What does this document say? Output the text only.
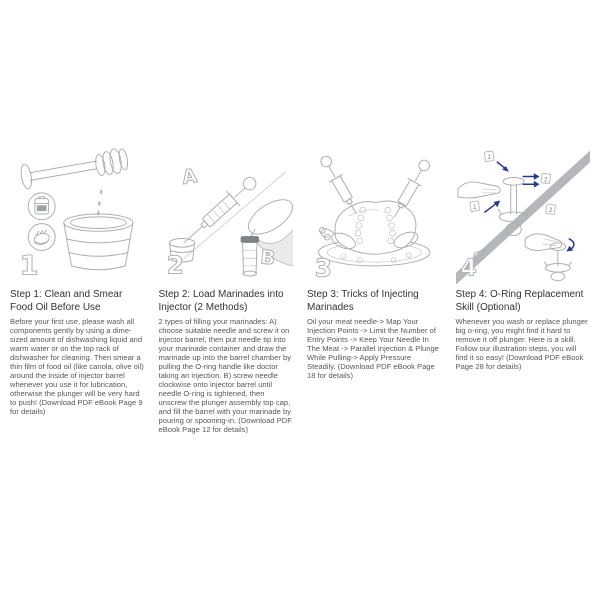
1
Step 1: Clean and Smear Food Oil Before Use

Before your first use, please wash all components gently by using a dime-sized amount of dishwashing liquid and warm water or on the top rack of dishwasher for cleaning. Then smear a thin film of food oil (like canola, olive oil) around the inside of injector barrel whenever you use it for lubrication, otherwise the plunger will be very hard to push! (Download PDF eBook Page 9 for details)

A
B
2
Step 2: Load Marinades into Injector (2 Methods)

2 types of filling your marinades: A) choose suitable needle and screw it on injector barrel, then put needle tip into your marinade container and draw the marinade up into the barrel chamber by pulling the O-ring handle like doctor taking an injection. B) screw needle clockwise onto injector barrel until needle O-ring is tightened, then unscrew the plunger assembly top cap, and fill the barrel with your marinade by pouring or spooning-in. (Download PDF eBook Page 12 for details)

3
Step 3: Tricks of Injecting Marinades

Oil your meat needle-> Map Your Injection Points -> Limit the Number of Entry Points -> Keep Your Needle In The Meat -> Parallel Injection & Plunge While Pulling-> Apply Pressure Steadily. (Download PDF eBook Page 18 for details)

1
2
1	2
4
Step 4: O-Ring Replacement Skill (Optional)

Whenever you wash or replace plunger big o-ring, you might find it hard to remove it off plunger. Here is a skill. Follow our illustration steps, you will find it so easy! (Download PDF eBook Page 28 for details)
